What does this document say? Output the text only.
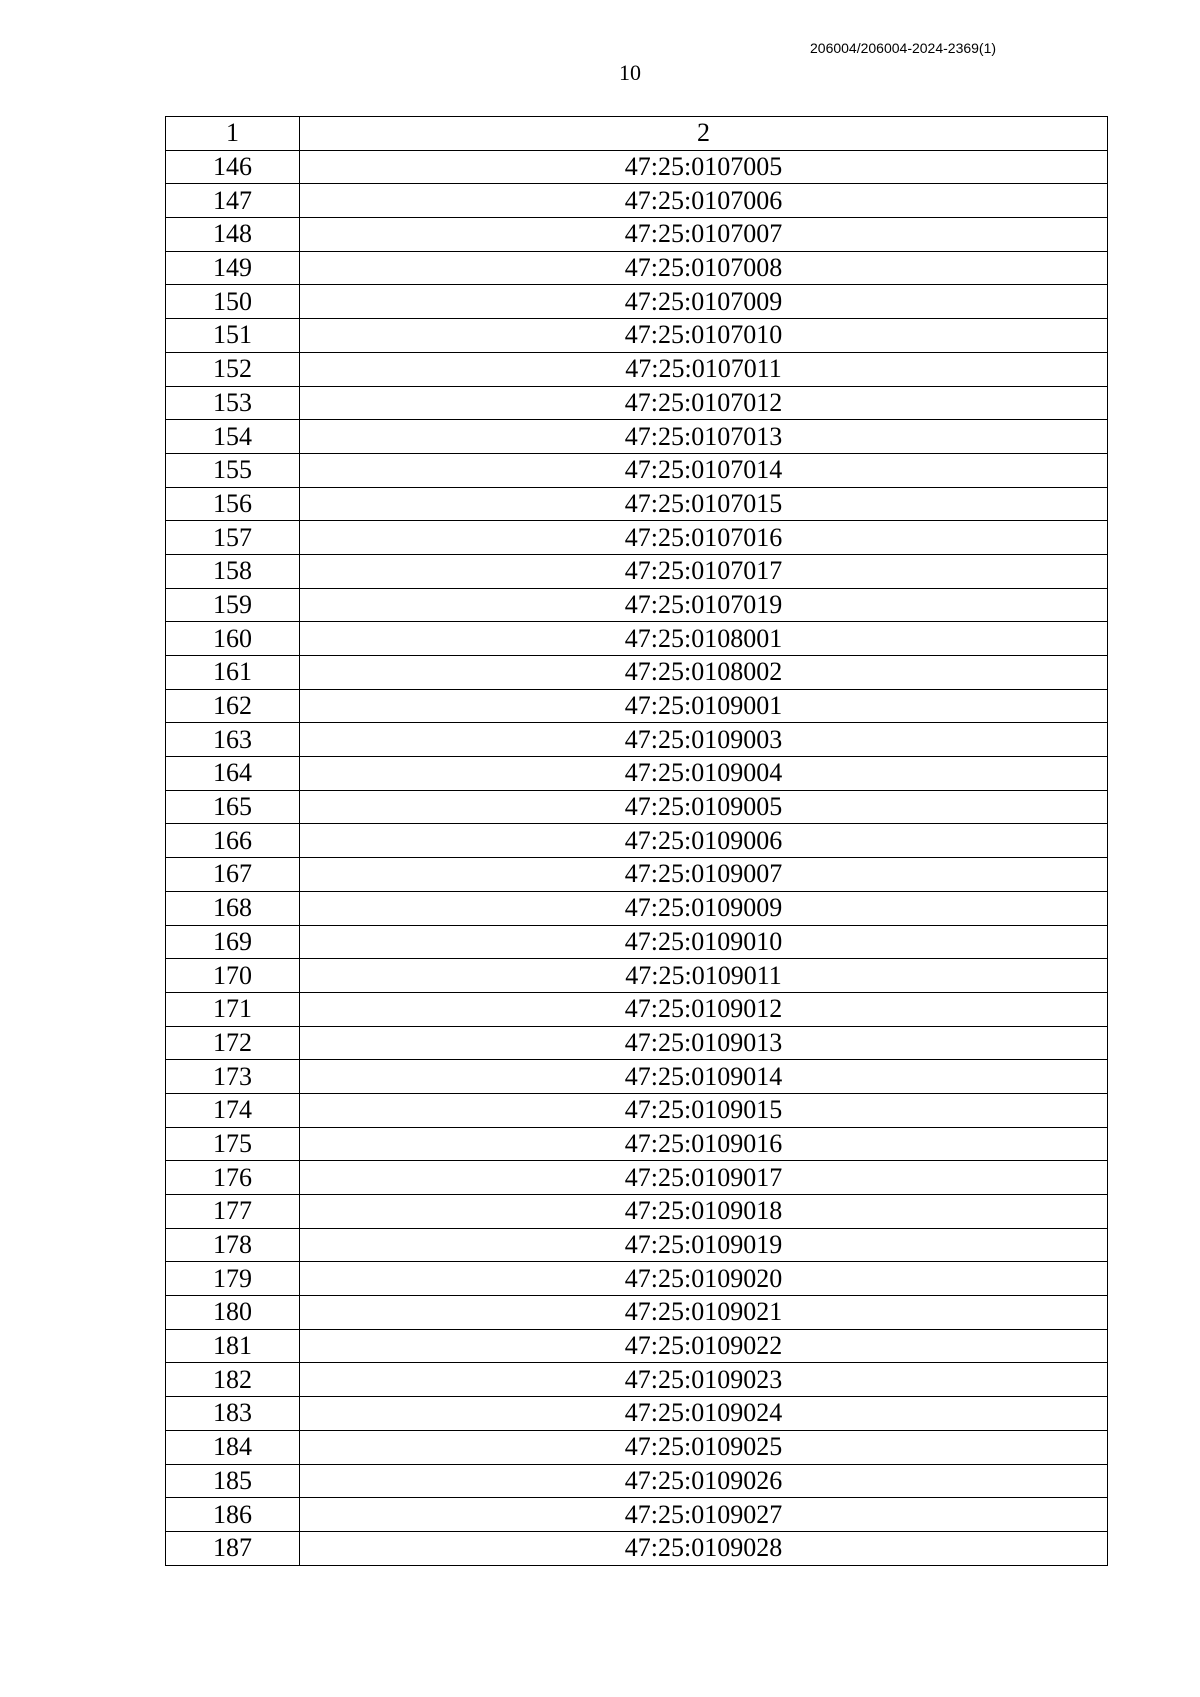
206004/206004-2024-2369(1)
10
1	2
146	47:25:0107005
147	47:25:0107006
148	47:25:0107007
149	47:25:0107008
150	47:25:0107009
151	47:25:0107010
152	47:25:0107011
153	47:25:0107012
154	47:25:0107013
155	47:25:0107014
156	47:25:0107015
157	47:25:0107016
158	47:25:0107017
159	47:25:0107019
160	47:25:0108001
161	47:25:0108002
162	47:25:0109001
163	47:25:0109003
164	47:25:0109004
165	47:25:0109005
166	47:25:0109006
167	47:25:0109007
168	47:25:0109009
169	47:25:0109010
170	47:25:0109011
171	47:25:0109012
172	47:25:0109013
173	47:25:0109014
174	47:25:0109015
175	47:25:0109016
176	47:25:0109017
177	47:25:0109018
178	47:25:0109019
179	47:25:0109020
180	47:25:0109021
181	47:25:0109022
182	47:25:0109023
183	47:25:0109024
184	47:25:0109025
185	47:25:0109026
186	47:25:0109027
187	47:25:0109028
